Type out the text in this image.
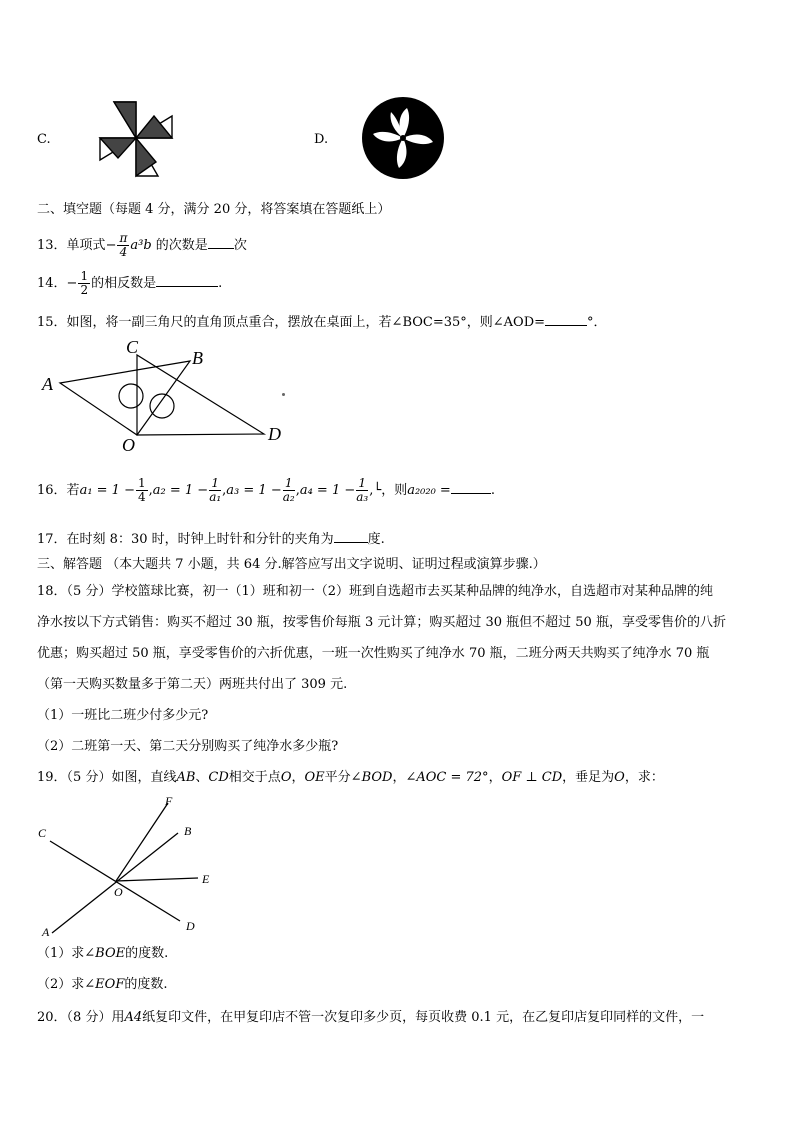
C.	D.
二、填空题（每题 4 分，满分 20 分，将答案填在答题纸上）
13．单项式− $\frac{\pi}{4} a^3b$ 的次数是 次
14．− $\frac{1}{2}$ 的相反数是	.
15．如图，将一副三角尺的直角顶点重合，摆放在桌面上，若∠BOC=35°，则∠AOD=	°．
A
B
C
O
D
16．若$a_1 = 1 - \frac{1}{4} ,a_2 = 1 - \frac{1}{\text{a₁}} ,a_3 = 1 - \frac{1}{\text{a₂}} ,a_4 = 1 - \frac{1}{\text{a₃}}$ ,└，则a₂₀₂₀ =	.
17．在时刻 8：30 时，时钟上时针和分针的夹角为	度.
三、解答题 （本大题共 7 小题，共 64 分.解答应写出文字说明、证明过程或演算步骤.）
18．（5 分）学校篮球比赛，初一（1）班和初一（2）班到自选超市去买某种品牌的纯净水，自选超市对某种品牌的纯
净水按以下方式销售：购买不超过 30 瓶，按零售价每瓶 3 元计算；购买超过 30 瓶但不超过 50 瓶，享受零售价的八折
优惠；购买超过 50 瓶，享受零售价的六折优惠，一班一次性购买了纯净水 70 瓶，二班分两天共购买了纯净水 70 瓶
（第一天购买数量多于第二天）两班共付出了 309 元.
（1）一班比二班少付多少元?
（2）二班第一天、第二天分别购买了纯净水多少瓶?
19．（5 分）如图，直线AB、CD相交于点O，OE平分∠BOD，∠AOC = 72°，OF ⊥ CD，垂足为O，求：
C
F
B
E
O
A	D
（1）求∠BOE的度数.
（2）求∠EOF的度数.
20．（8 分）用A4纸复印文件，在甲复印店不管一次复印多少页，每页收费 0.1 元，在乙复印店复印同样的文件，一
